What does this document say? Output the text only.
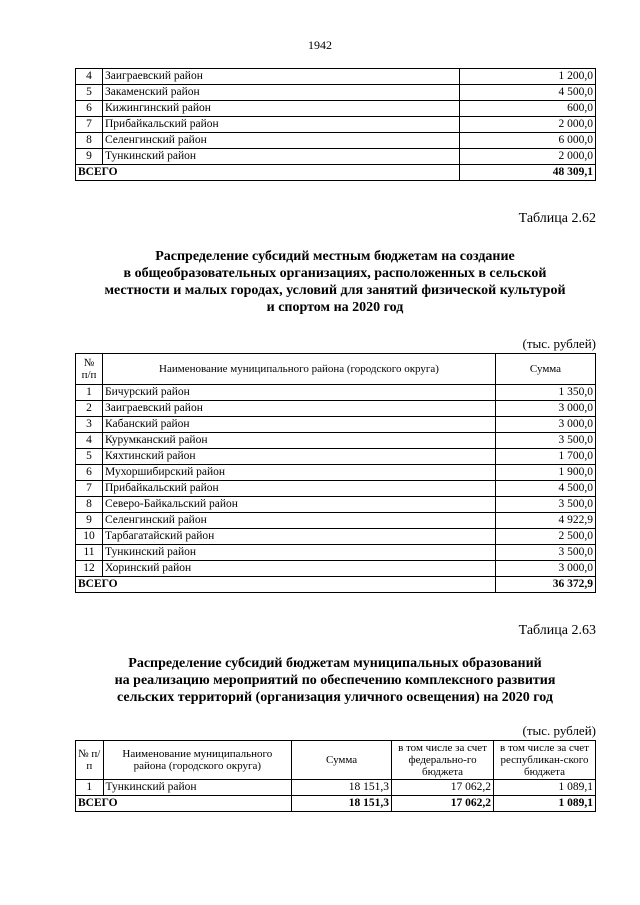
1942
4	Заиграевский район	1 200,0
5	Закаменский район	4 500,0
6	Кижингинский район	600,0
7	Прибайкальский район	2 000,0
8	Селенгинский район	6 000,0
9	Тункинский район	2 000,0
ВСЕГО		48 309,1
Таблица 2.62
Распределение субсидий местным бюджетам на создание
в общеобразовательных организациях, расположенных в сельской
местности и малых городах, условий для занятий физической культурой
и спортом на 2020 год
(тыс. рублей)
№ п/п	Наименование муниципального района (городского округа)	Сумма
1	Бичурский район	1 350,0
2	Заиграевский район	3 000,0
3	Кабанский район	3 000,0
4	Курумканский район	3 500,0
5	Кяхтинский район	1 700,0
6	Мухоршибирский район	1 900,0
7	Прибайкальский район	4 500,0
8	Северо-Байкальский район	3 500,0
9	Селенгинский район	4 922,9
10	Тарбагатайский район	2 500,0
11	Тункинский район	3 500,0
12	Хоринский район	3 000,0
ВСЕГО		36 372,9
Таблица 2.63
Распределение субсидий бюджетам муниципальных образований
на реализацию мероприятий по обеспечению комплексного развития
сельских территорий (организация уличного освещения) на 2020 год
(тыс. рублей)
№ п/п	Наименование муниципального района (городского округа)	Сумма	в том числе за счет федерально-го бюджета	в том числе за счет республикан-ского бюджета
1	Тункинский район	18 151,3	17 062,2	1 089,1
ВСЕГО		18 151,3	17 062,2	1 089,1
